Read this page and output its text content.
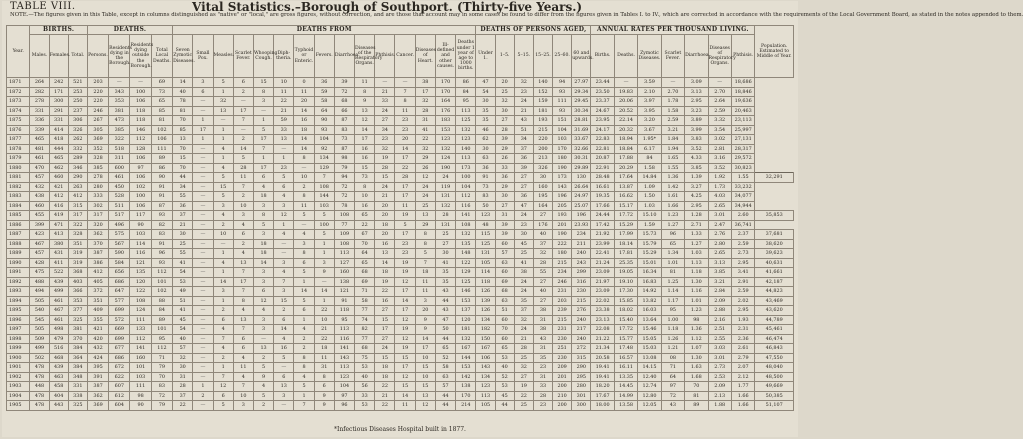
TABLE VIII.	Vital Statistics.–Borough of Southport. (Thirty-five Years.)
NOTE.—The figures given in this Table, except in columns distinguished as "native" or "local," are gross figures, without correction, and are those that account may in some cases be found to differ from the figures given in Tables I. to IV., which are corrected in accordance with the requirements of the Local Government Board, as stated in the notes appended to them.
Year.	BIRTHS.			DEATHS.				DEATHS FROM															DEATHS OF PERSONS AGED,						ANNUAL RATES PER THOUSAND LIVING.							Population. Estimated to Middle of Year.
	Males.	Females.	Total.	Persons.	Residents dying in the Borough.	Residents dying outside the Borough.	Total Local Deaths.	Seven Zymotic Diseases.	Small Pox.	Measles.	Scarlet Fever.	Whooping Cough.	Diph-theria.	Typhoid or Enteric.	Fevers.	Diarrhoea.	Diseases of the Respiratory Organs.	Phthisis.	Cancer.	Diseases of Heart.	Ill-defined and other causes.	Deaths under 1 year of age to 1000 births.	Under 1.	1–5.	5–15.	15–25.	25–60.	60 and upwards.	Births.	Deaths.	Zymotic Diseases.	Scarlet Fever.	Diarrhoea.	Diseases of Respiratory Organs.	Phthisis.	
1871	264	242	521	203	—	—	69	14	3	5	6	15	10	0	36	39	11	—	—	38	170	86	47	20	32	140	94	27.97	23.44	—	3.59	—	3.09	—	18,686	
1872	282	171	253	220	343	100	73	40	6	1	2	8	11	11	59	72	8	21	7	17	170	84	54	25	23	152	93	29.34	23.50	19.83	2.10	2.70	3.13	2.70	18,846	
1873	278	300	250	220	353	106	65	78	—	32	—	3	22	20	58	68	9	33	8	32	164	95	30	32	24	159	111	29.45	23.37	20.06	3.97	1.78	2.95	2.64	19,636	
1874	331	291	237	246	381	118	85	81	—	13	17	—	21	14	64	66	13	24	11	28	176	113	35	30	21	181	93	30.34	24.67	20.52	3.95	1.58	3.23	2.59	20,463	
1875	336	331	306	267	473	118	81	70	1	—	7	1	59	16	90	87	12	27	23	31	183	125	35	27	43	193	151	28.81	23.95	22.14	3.20	2.59	3.89	3.32	23,113	
1876	339	414	326	305	385	146	102	85	17	1	—	5	33	18	93	83	14	34	23	41	153	132	46	28	51	215	104	31.69	24.17	20.32	3.67	3.21	3.99	3.54	25,997	
1877	465	418	262	369	322	112	106	13	1	1	2	17	13	14	104	73	17	23	20	22	123	123	62	39	34	220	103	33.67	22.83	18.94	1.95*	1.84	3.83	3.02	27,131	
1878	481	444	332	352	518	128	111	70	—	4	14	7	—	14	92	87	16	32	14	32	132	140	30	29	37	200	170	32.66	22.81	18.84	6.17	1.94	3.52	2.81	28,317	
1879	461	465	289	328	311	106	89	15	—	1	5	1	1	8	134	98	16	19	17	29	124	113	63	26	36	213	180	30.31	20.87	17.88	84	1.65	4.33	3.16	29,572	
1880	470	462	346	385	600	97	86	70	—	4	28	17	23	—	129	79	15	28	22	26	190	173	36	33	39	326	190	29.89	22.91	20.29	1.58	1.55	3.85	3.52	30,823	
1881	457	460	290	278	461	106	90	44	—	5	11	6	5	10	7	94	73	15	28	12	24	100	91	36	27	30	173	130	28.48	17.64	14.84	1.36	1.39	1.92	1.55	32,291
1882	432	421	263	280	450	102	91	34	—	15	7	4	6	2	108	72	8	24	17	24	119	104	73	29	27	160	143	26.64	16.61	13.87	1.09	1.42	3.27	1.73	33,232	
1883	438	412	412	333	528	100	91	55	—	5	2	18	4	8	144	72	10	21	17	24	131	112	83	30	36	195	196	24.97	19.35	16.62	1.50	1.61	4.25	4.03	34,077	
1884	460	416	315	302	511	106	87	36	—	3	10	3	3	11	103	78	16	20	11	25	132	116	50	27	47	164	205	25.07	17.66	15.17	1.03	1.66	2.95	2.65	34,944	
1885	455	419	317	317	517	117	93	37	—	4	3	8	12	5	5	108	65	20	19	13	28	141	123	31	24	27	193	196	24.44	17.72	15.10	1.23	1.28	3.01	2.60	35,853
1886	399	471	322	320	496	90	82	21	—	2	4	5	1	—	100	77	22	18	5	29	131	108	48	39	23	176	201	23.93	17.42	15.29	1.59	1.27	2.71	2.47	36,741	
1887	423	413	328	362	575	103	83	30	—	10	6	3	4	4	5	109	67	20	17	8	25	132	115	39	30	40	190	234	21.92	17.99	15.73	96	1.33	2.76	2.37	37,681
1888	467	380	351	370	567	114	91	25	—	—	2	18	—	3	1	108	70	16	23	8	27	135	125	60	45	37	222	211	23.99	18.14	15.79	65	1.27	2.80	2.59	38,620
1889	457	431	319	387	590	116	96	55	—	1	4	18	—	8	1	113	64	13	23	5	30	148	131	57	25	32	180	240	22.41	17.81	15.29	1.34	1.03	2.65	2.73	39,623
1890	428	411	319	386	584	121	93	41	—	4	13	14	3	6	3	127	65	14	19	7	41	122	105	63	41	28	215	243	21.24	25.35	15.01	1.01	1.13	3.13	2.95	40,631
1891	475	522	368	412	656	135	112	54	—	1	7	3	4	5	9	160	68	18	19	18	35	129	114	60	38	55	234	299	23.09	19.05	16.34	81	1.18	3.85	3.41	41,661
1892	488	439	403	405	686	120	101	53	—	14	17	3	7	1	—	138	69	19	12	11	35	125	118	69	24	27	246	316	21.97	19.10	16.83	1.25	1.30	3.21	2.91	42,187
1893	494	499	366	372	647	122	102	49	—	3	7	6	3	14	14	121	71	22	17	11	43	146	126	68	24	40	231	230	23.09	17.30	14.92	1.14	1.16	2.84	2.59	44,823
1894	505	461	353	351	577	108	88	51	—	1	8	12	15	5	1	91	58	16	14	3	44	153	139	63	35	27	203	215	22.02	15.85	13.82	1.17	1.01	2.09	2.02	43,469
1895	540	467	377	409	699	124	84	41	—	2	4	4	2	6	22	118	77	27	17	20	43	137	126	51	37	38	239	276	23.38	18.02	16.03	95	1.23	2.88	2.95	43,620
1896	545	461	325	355	572	111	89	45	—	6	13	3	6	1	10	95	74	15	12	9	47	120	134	60	32	31	215	240	23.13	15.40	13.64	1.00	98	2.16	1.93	44,789
1897	505	498	381	421	669	133	101	54	—	4	7	3	14	4	21	113	82	17	19	9	50	181	182	70	24	38	231	217	22.08	17.72	15.46	1.18	1.36	2.51	2.31	45,461
1898	509	479	370	420	699	112	95	40	—	7	6	—	4	2	22	116	77	27	12	14	44	132	150	60	21	43	230	240	21.22	15.77	15.05	1.26	1.12	2.55	2.36	46,474
1899	499	516	384	432	677	141	112	57	—	4	6	13	16	2	18	141	68	24	19	17	65	167	167	65	28	31	251	272	21.34	17.48	15.03	1.21	1.07	3.03	2.61	46,843
1900	502	468	364	424	686	160	71	32	—	2	4	2	5	8	11	143	75	15	15	10	52	144	106	53	25	35	230	315	20.58	16.57	13.08	08	1.30	3.01	2.79	47,550
1901	478	439	384	395	672	101	79	30	—	1	11	5	—	8	31	113	53	18	17	15	58	153	143	40	32	23	209	290	19.41	16.11	14.15	71	1.63	2.73	2.07	48,040
1902	478	463	348	391	622	103	70	31	—	7	4	9	6	4	8	123	40	18	12	10	63	142	134	52	27	31	201	295	19.41	13.35	12.40	64	1.68	2.53	2.12	48,500
1903	448	458	331	387	607	111	83	28	1	12	7	4	13	5	6	104	56	22	15	15	57	138	123	53	19	33	200	280	18.20	14.45	12.74	97	70	2.09	1.77	49,669
1904	478	404	338	362	612	98	72	37	2	6	10	5	3	1	9	97	33	21	14	13	44	170	113	45	22	28	210	301	17.67	14.99	12.80	72	81	2.13	1.66	50,385
1905	478	443	325	369	604	90	79	22	—	5	3	2	—	7	9	96	53	22	11	12	44	214	105	44	25	23	200	300	18.00	13.58	12.05	43	89	1.88	1.66	51,107
*Infectious Diseases Hospital built in 1877.
